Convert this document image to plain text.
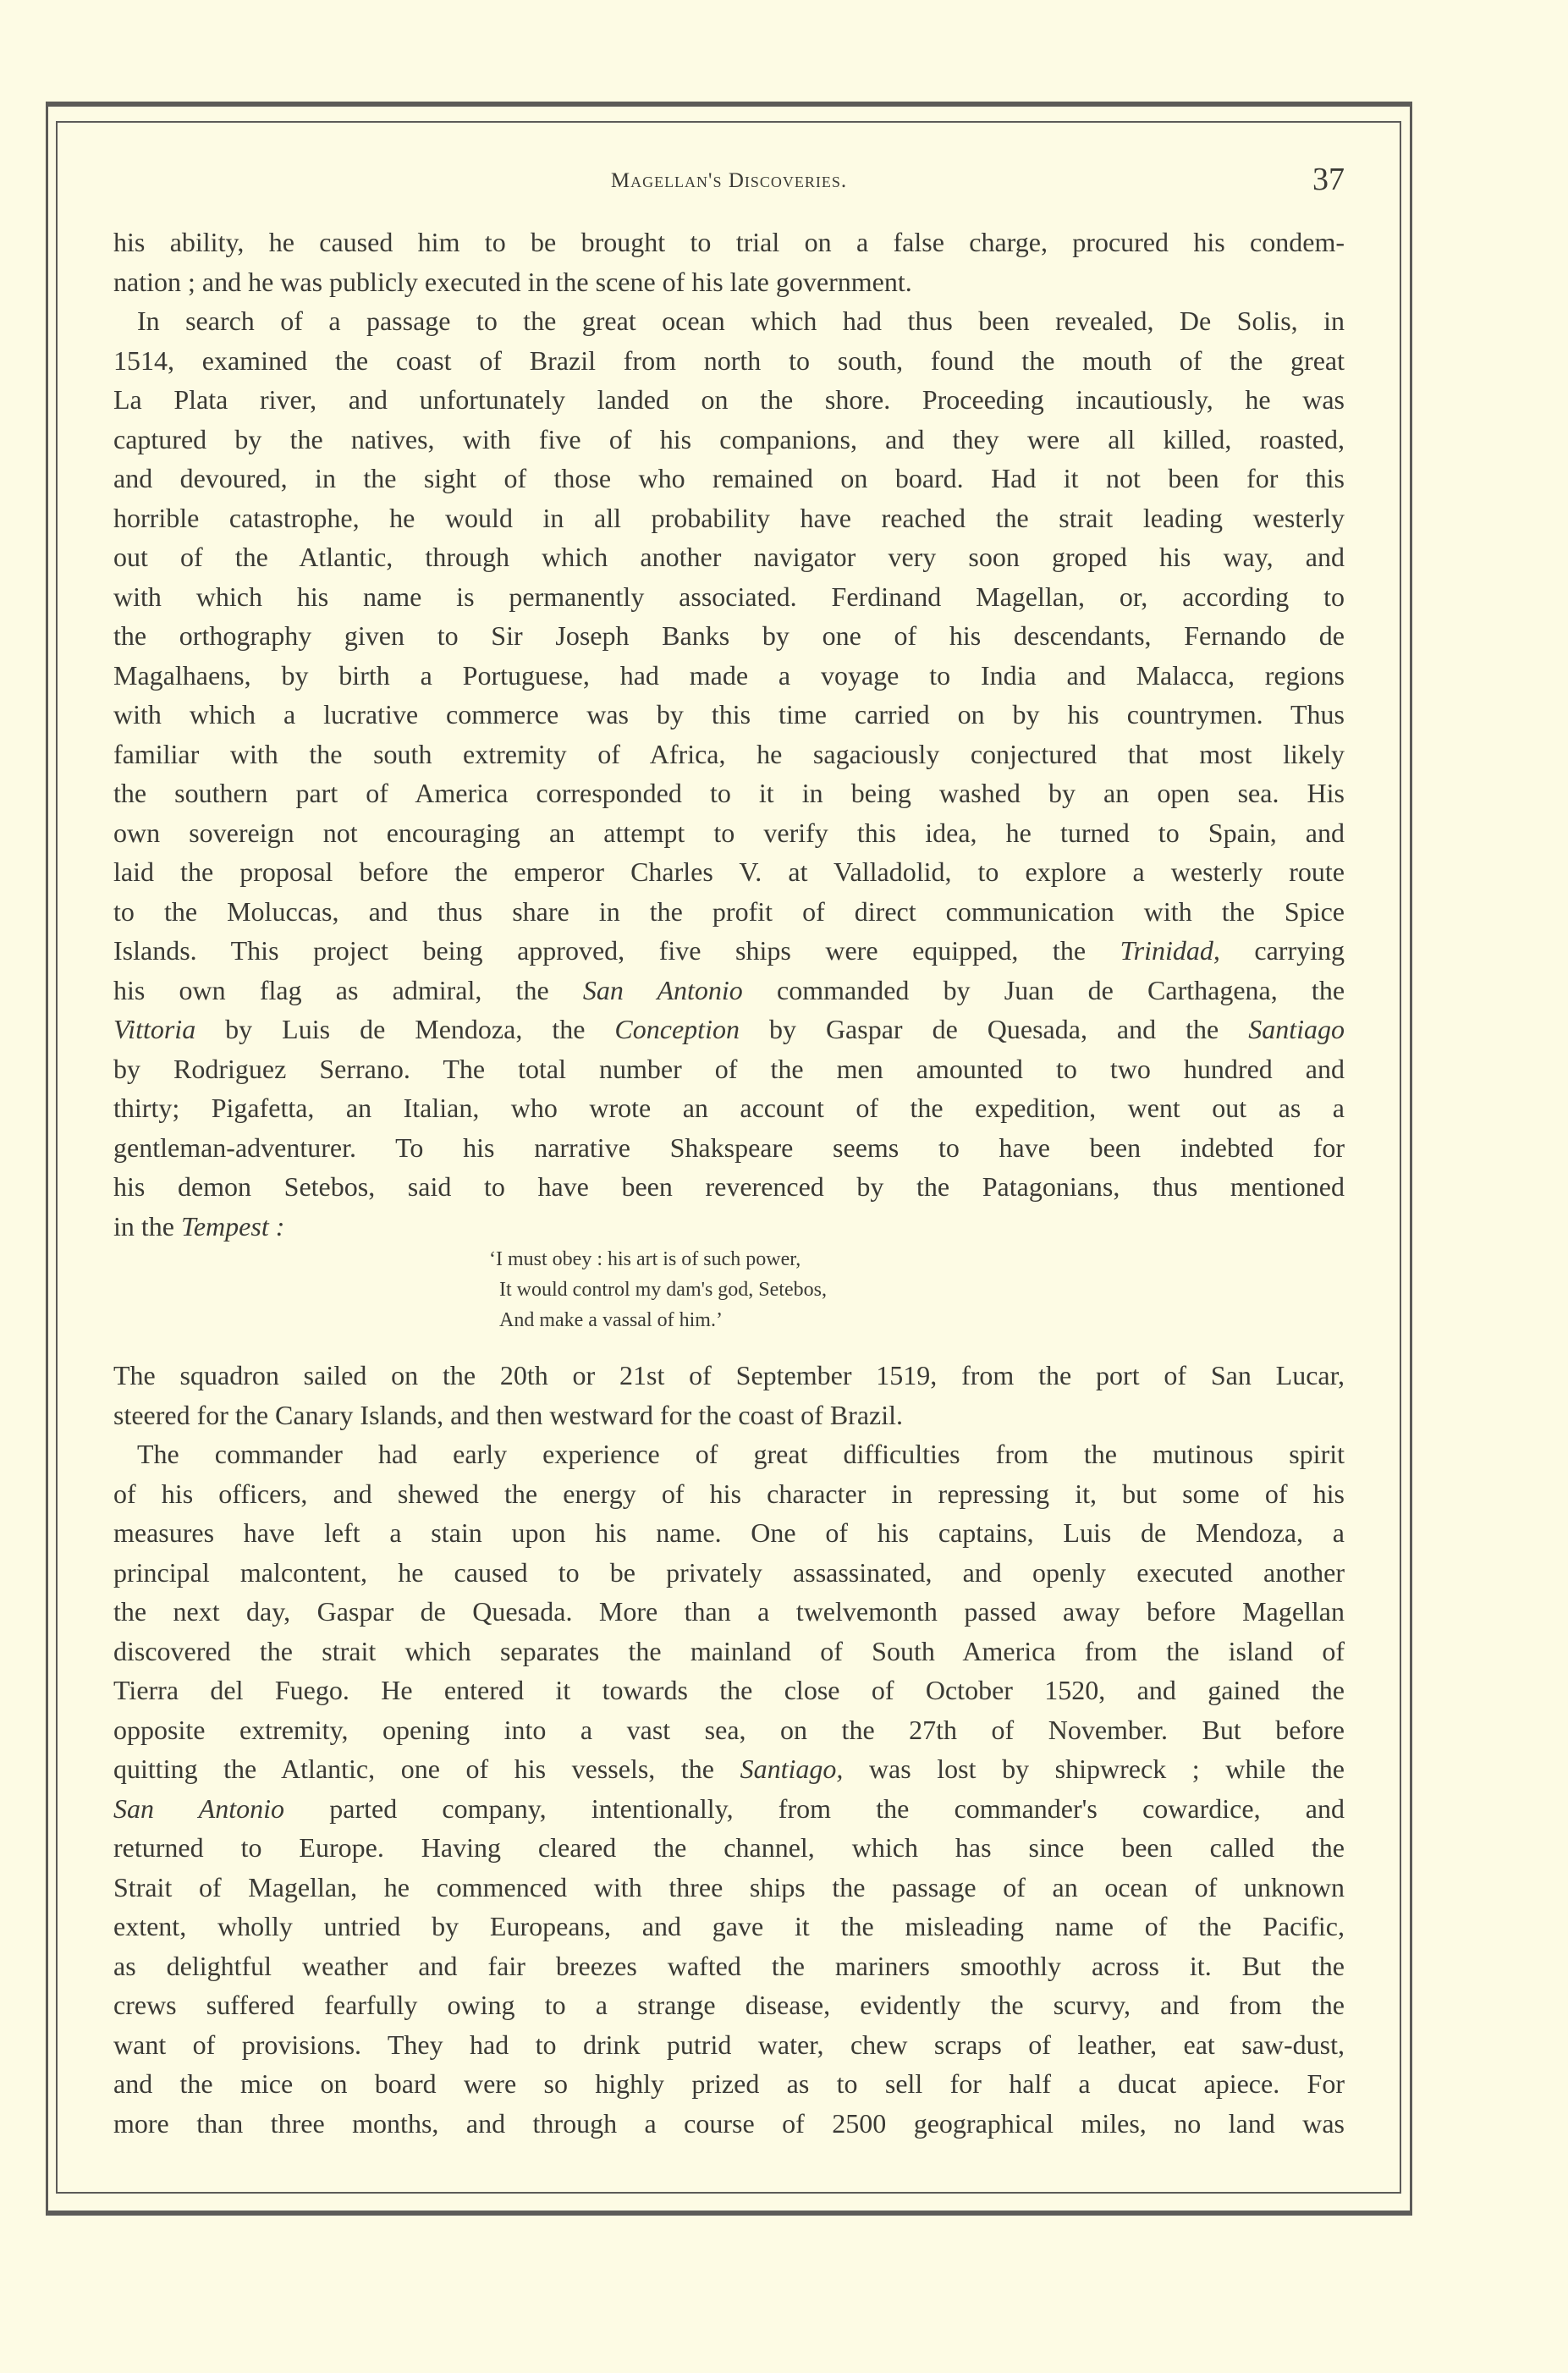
Magellan's Discoveries.	37
his ability, he caused him to be brought to trial on a false charge, procured his condem-
nation ; and he was publicly executed in the scene of his late government.
In search of a passage to the great ocean which had thus been revealed, De Solis, in
1514, examined the coast of Brazil from north to south, found the mouth of the great
La Plata river, and unfortunately landed on the shore. Proceeding incautiously, he was
captured by the natives, with five of his companions, and they were all killed, roasted,
and devoured, in the sight of those who remained on board. Had it not been for this
horrible catastrophe, he would in all probability have reached the strait leading westerly
out of the Atlantic, through which another navigator very soon groped his way, and
with which his name is permanently associated. Ferdinand Magellan, or, according to
the orthography given to Sir Joseph Banks by one of his descendants, Fernando de
Magalhaens, by birth a Portuguese, had made a voyage to India and Malacca, regions
with which a lucrative commerce was by this time carried on by his countrymen. Thus
familiar with the south extremity of Africa, he sagaciously conjectured that most likely
the southern part of America corresponded to it in being washed by an open sea. His
own sovereign not encouraging an attempt to verify this idea, he turned to Spain, and
laid the proposal before the emperor Charles V. at Valladolid, to explore a westerly route
to the Moluccas, and thus share in the profit of direct communication with the Spice
Islands. This project being approved, five ships were equipped, the Trinidad, carrying
his own flag as admiral, the San Antonio commanded by Juan de Carthagena, the
Vittoria by Luis de Mendoza, the Conception by Gaspar de Quesada, and the Santiago
by Rodriguez Serrano. The total number of the men amounted to two hundred and
thirty; Pigafetta, an Italian, who wrote an account of the expedition, went out as a
gentleman-adventurer. To his narrative Shakspeare seems to have been indebted for
his demon Setebos, said to have been reverenced by the Patagonians, thus mentioned
in the Tempest :
The squadron sailed on the 20th or 21st of September 1519, from the port of San Lucar,
steered for the Canary Islands, and then westward for the coast of Brazil.
The commander had early experience of great difficulties from the mutinous spirit
of his officers, and shewed the energy of his character in repressing it, but some of his
measures have left a stain upon his name. One of his captains, Luis de Mendoza, a
principal malcontent, he caused to be privately assassinated, and openly executed another
the next day, Gaspar de Quesada. More than a twelvemonth passed away before Magellan
discovered the strait which separates the mainland of South America from the island of
Tierra del Fuego. He entered it towards the close of October 1520, and gained the
opposite extremity, opening into a vast sea, on the 27th of November. But before
quitting the Atlantic, one of his vessels, the Santiago, was lost by shipwreck ; while the
San Antonio parted company, intentionally, from the commander's cowardice, and
returned to Europe. Having cleared the channel, which has since been called the
Strait of Magellan, he commenced with three ships the passage of an ocean of unknown
extent, wholly untried by Europeans, and gave it the misleading name of the Pacific,
as delightful weather and fair breezes wafted the mariners smoothly across it. But the
crews suffered fearfully owing to a strange disease, evidently the scurvy, and from the
want of provisions. They had to drink putrid water, chew scraps of leather, eat saw-dust,
and the mice on board were so highly prized as to sell for half a ducat apiece. For
more than three months, and through a course of 2500 geographical miles, no land was
‘I must obey : his art is of such power,
It would control my dam's god, Setebos,
And make a vassal of him.’
